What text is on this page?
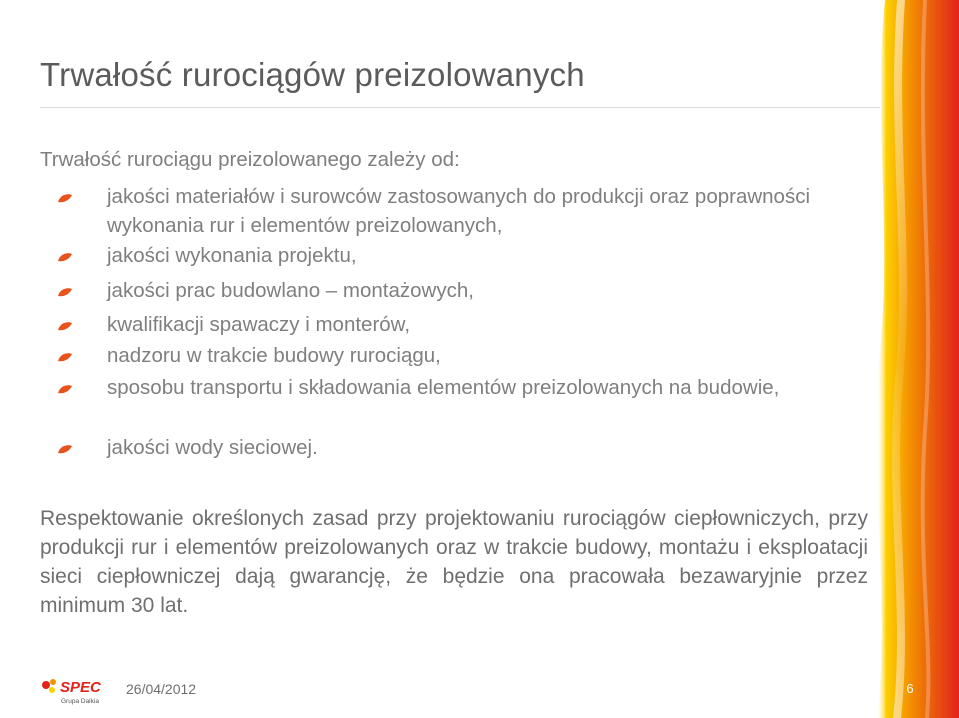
Trwałość rurociągów preizolowanych
Trwałość rurociągu preizolowanego zależy od:
jakości materiałów i surowców zastosowanych do produkcji oraz poprawności wykonania rur i elementów preizolowanych,
jakości wykonania projektu,
jakości prac budowlano – montażowych,
kwalifikacji spawaczy i monterów,
nadzoru w trakcie budowy rurociągu,
sposobu transportu i składowania elementów preizolowanych na budowie,
jakości wody sieciowej.

Respektowanie określonych zasad przy projektowaniu rurociągów ciepłowniczych, przy produkcji rur i elementów preizolowanych oraz w trakcie budowy, montażu i eksploatacji sieci ciepłowniczej dają gwarancję, że będzie ona pracowała bezawaryjnie przez minimum 30 lat.

SPEC
Grupa Dalkia
26/04/2012	6
